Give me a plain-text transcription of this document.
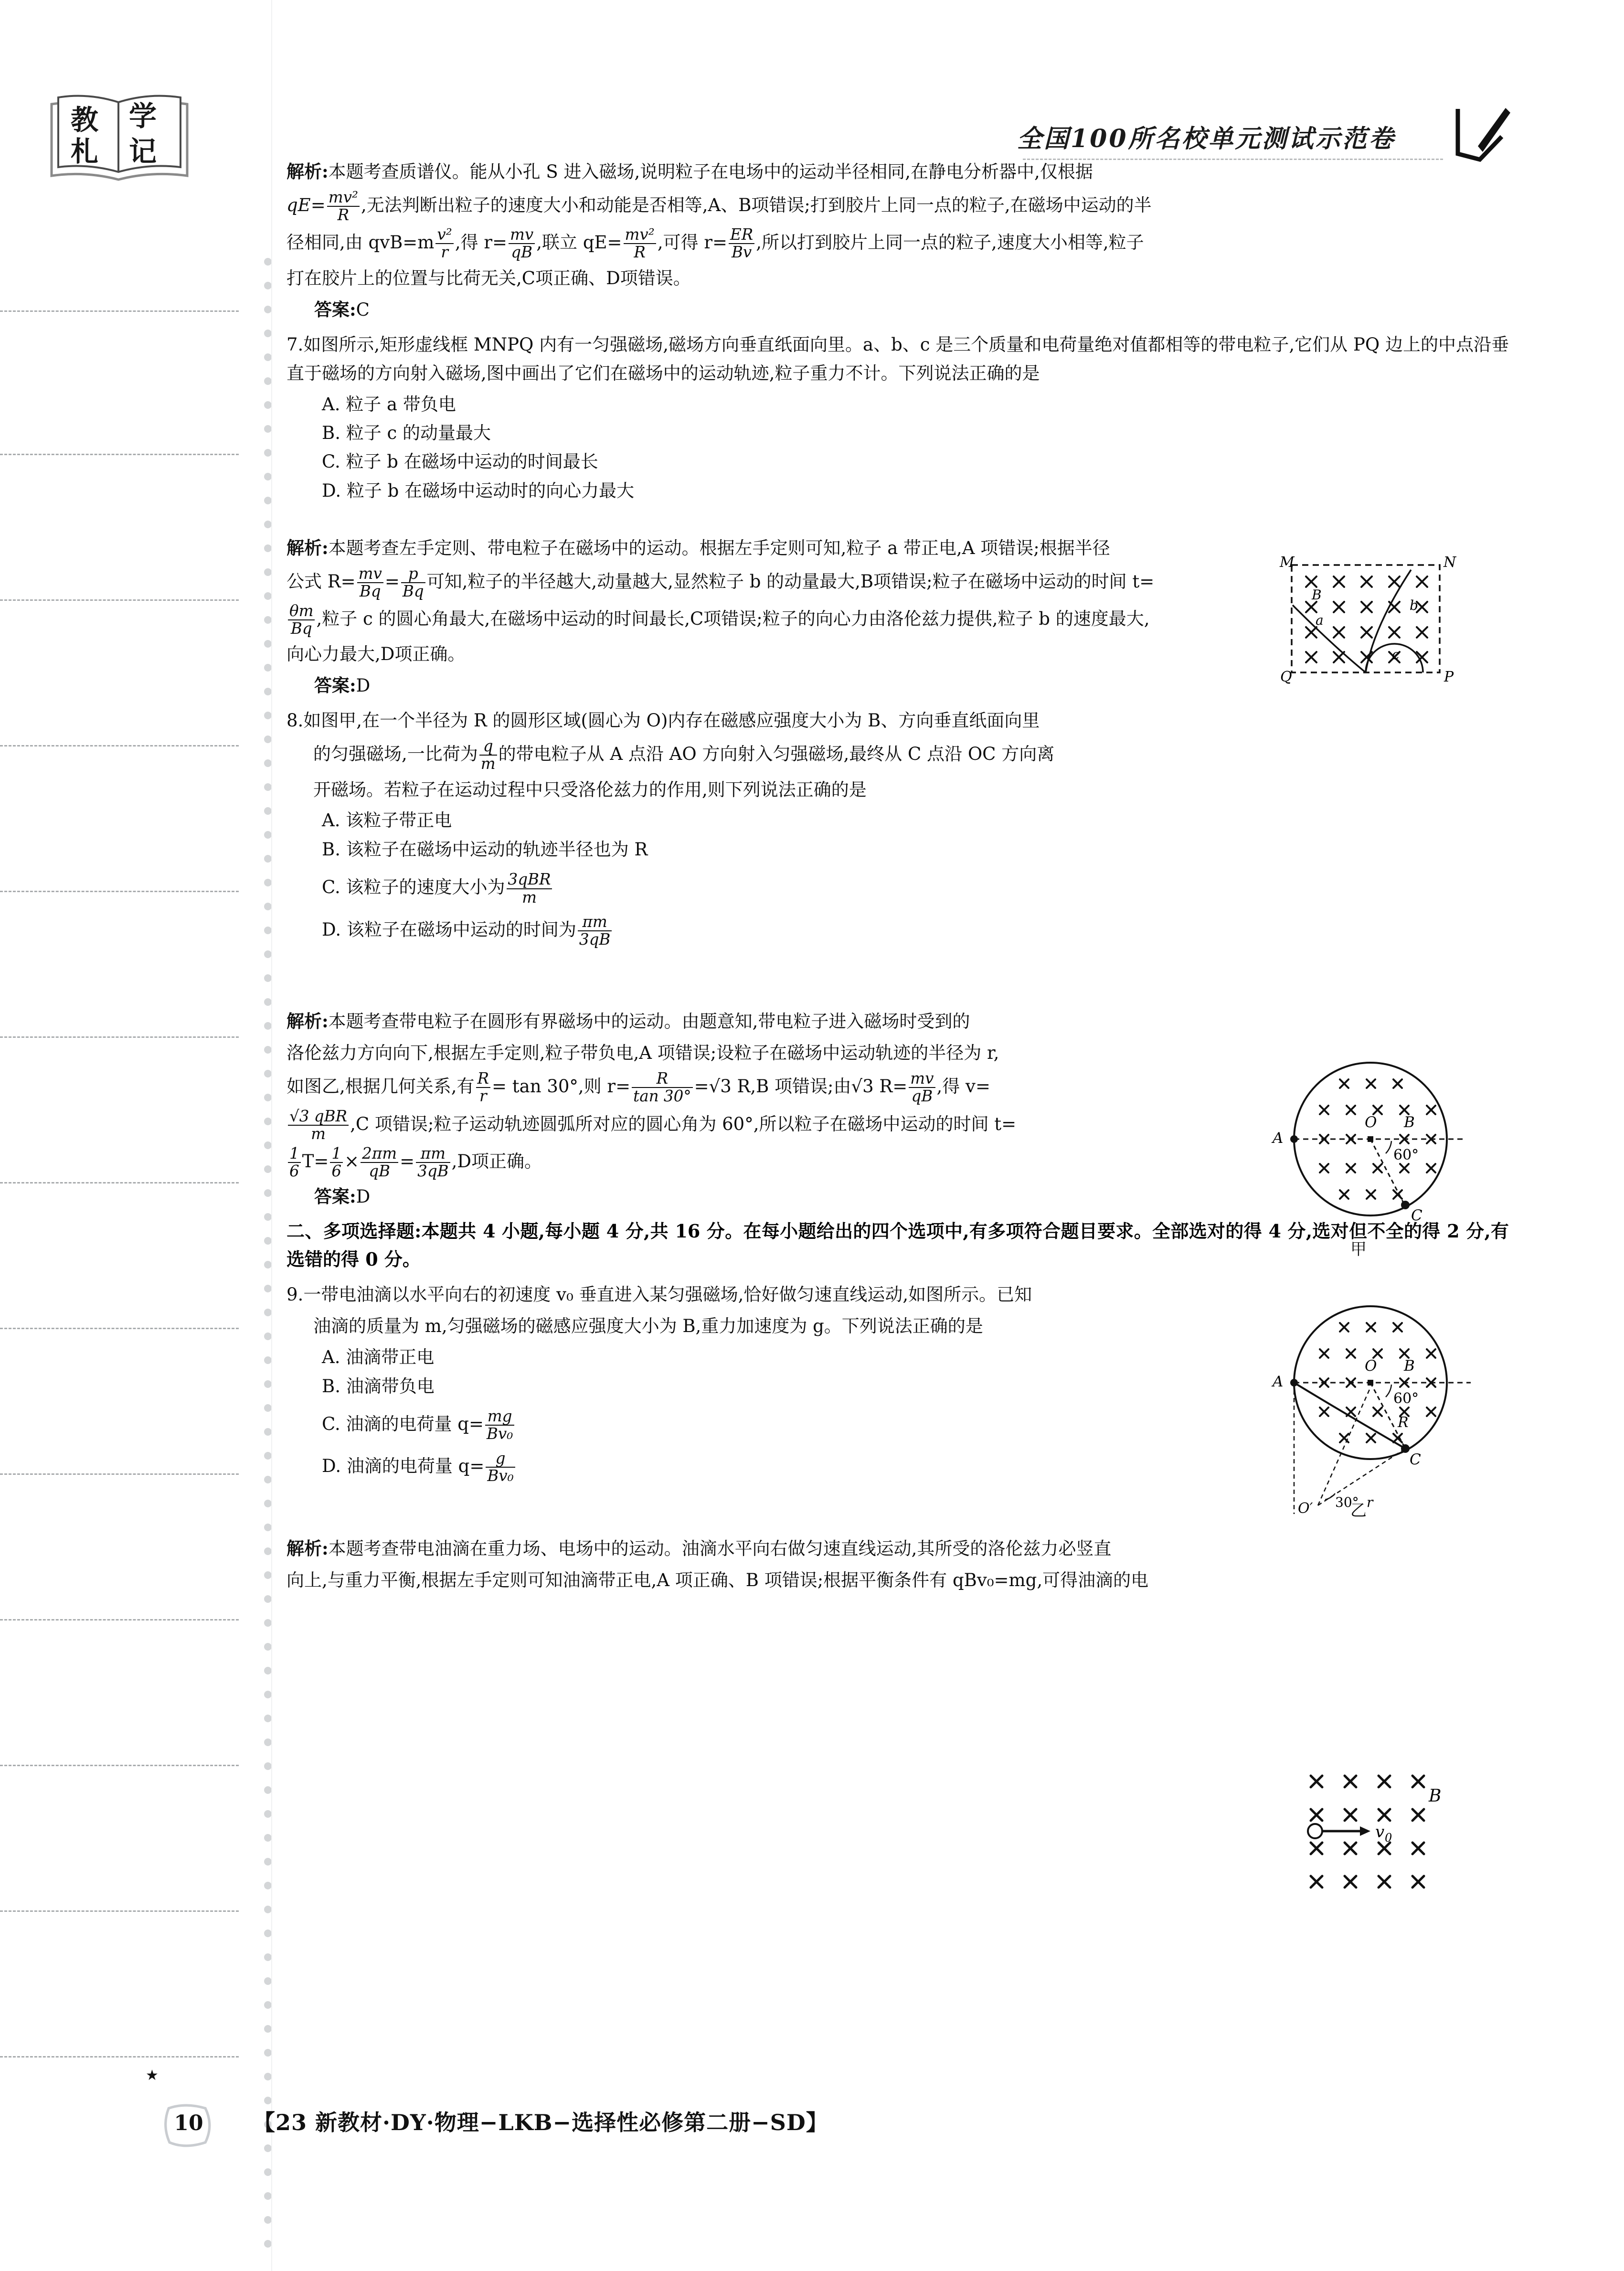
教 学
札 记	全国100所名校单元测试示范卷

解析:本题考查质谱仪。能从小孔 S 进入磁场,说明粒子在电场中的运动半径相同,在静电分析器中,仅根据

$qE= \frac{\text{mv²}}{R}$ ,无法判断出粒子的速度大小和动能是否相等,A、B项错误;打到胶片上同一点的粒子,在磁场中运动的半

径相同,由 $qvB=m \frac{\text{v²}}{r}$ ,得 $r= \frac{mv}{qB}$ ,联立 $qE= \frac{\text{mv²}}{R}$ ,可得 $r= \frac{ER}{Bv}$ ,所以打到胶片上同一点的粒子,速度大小相等,粒子

打在胶片上的位置与比荷无关,C项正确、D项错误。

答案:C

7.如图所示,矩形虚线框 MNPQ 内有一匀强磁场,磁场方向垂直纸面向里。a、b、c 是三个质量和电荷量绝对值都相等的带电粒子,它们从 PQ 边上的中点沿垂直于磁场的方向射入磁场,图中画出了它们在磁场中的运动轨迹,粒子重力不计。下列说法正确的是

A. 粒子 a 带负电

B. 粒子 c 的动量最大

C. 粒子 b 在磁场中运动的时间最长

D. 粒子 b 在磁场中运动时的向心力最大

解析:本题考查左手定则、带电粒子在磁场中的运动。根据左手定则可知,粒子 a 带正电,A 项错误;根据半径

公式 $R= \frac{mv}{Bq} = \frac{p}{Bq}$ 可知,粒子的半径越大,动量越大,显然粒子 b 的动量最大,B项错误;粒子在磁场中运动的时间 t=

$\frac{\theta m}{Bq}$ ,粒子 c 的圆心角最大,在磁场中运动的时间最长,C项错误;粒子的向心力由洛伦兹力提供,粒子 b 的速度最大,

向心力最大,D项正确。

答案:D

8.如图甲,在一个半径为 R 的圆形区域(圆心为 O)内存在磁感应强度大小为 B、方向垂直纸面向里

的匀强磁场,一比荷为 $\frac{q}{m}$ 的带电粒子从 A 点沿 AO 方向射入匀强磁场,最终从 C 点沿 OC 方向离

开磁场。若粒子在运动过程中只受洛伦兹力的作用,则下列说法正确的是

A. 该粒子带正电

B. 该粒子在磁场中运动的轨迹半径也为 R

C. 该粒子的速度大小为 $\frac{\text{3qBR}}{m}$

D. 该粒子在磁场中运动的时间为 $\frac{\pi m}{3qB}$

解析:本题考查带电粒子在圆形有界磁场中的运动。由题意知,带电粒子进入磁场时受到的

洛伦兹力方向向下,根据左手定则,粒子带负电,A 项错误;设粒子在磁场中运动轨迹的半径为 r,

如图乙,根据几何关系,有 $\frac{R}{r} = \tan 30^\circ$,则 $r= \frac{R}{\tan 30^\circ} =√3$ R,B 项错误;由√3 $R= \frac{mv}{qB}$ ,得 v=

$\frac{\text{√3 qBR}}{m} ,C$ 项错误;粒子运动轨迹圆弧所对应的圆心角为 60°,所以粒子在磁场中运动的时间 t=

$\frac{1}{6} T= \frac{1}{6} \times \frac{2\pi m}{qB} = \frac{\pi m}{3qB} ,D$项正确。

答案:D

二、多项选择题:本题共 4 小题,每小题 4 分,共 16 分。在每小题给出的四个选项中,有多项符合题目要求。全部选对的得 4 分,选对但不全的得 2 分,有选错的得 0 分。

9.一带电油滴以水平向右的初速度 v₀ 垂直进入某匀强磁场,恰好做匀速直线运动,如图所示。已知

油滴的质量为 m,匀强磁场的磁感应强度大小为 B,重力加速度为 g。下列说法正确的是

A. 油滴带正电

B. 油滴带负电

C. 油滴的电荷量 $q= \frac{mg}{\text{Bv₀}}$

D. 油滴的电荷量 $q= \frac{g}{\text{Bv₀}}$

解析:本题考查带电油滴在重力场、电场中的运动。油滴水平向右做匀速直线运动,其所受的洛伦兹力必竖直

向上,与重力平衡,根据左手定则可知油滴带正电,A 项正确、B 项错误;根据平衡条件有 qBv₀=mg,可得油滴的电

M	N
Q	P
B
a
b
c
A
O B
C
60°
甲
A
O B
C
60°
R
30° r
O′	乙
v 0
B
★
10	【23 新教材·DY·物理−LKB−选择性必修第二册−SD】
